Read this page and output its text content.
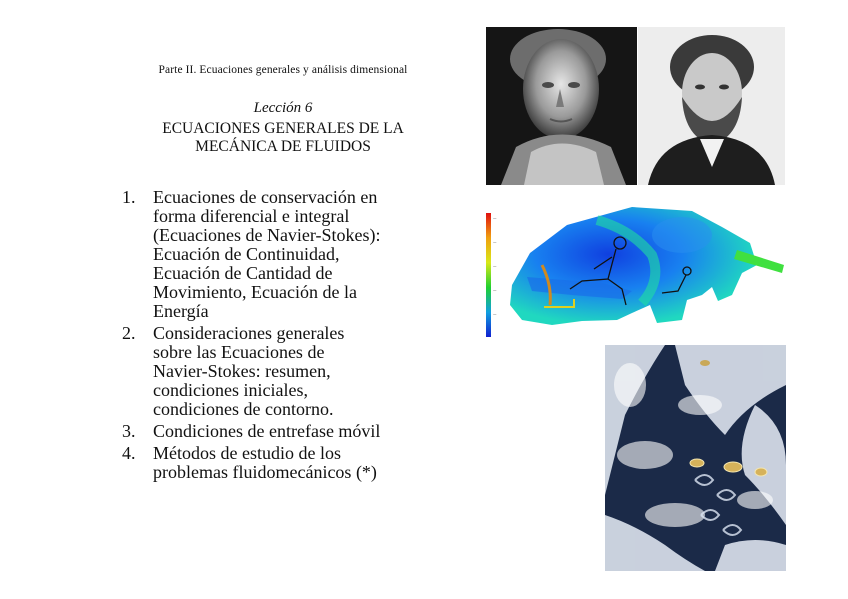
Parte II. Ecuaciones generales y análisis dimensional
Lección 6
ECUACIONES GENERALES DE LA
MECÁNICA DE FLUIDOS
1. Ecuaciones de conservación en
forma diferencial e integral
(Ecuaciones de Navier-Stokes):
Ecuación de Continuidad,
Ecuación de Cantidad de
Movimiento, Ecuación de la
Energía
2. Consideraciones generales
sobre las Ecuaciones de
Navier-Stokes: resumen,
condiciones iniciales,
condiciones de contorno.
3. Condiciones de entrefase móvil
4. Métodos de estudio de los
problemas fluidomecánicos (*)
—
—
—
—
—
